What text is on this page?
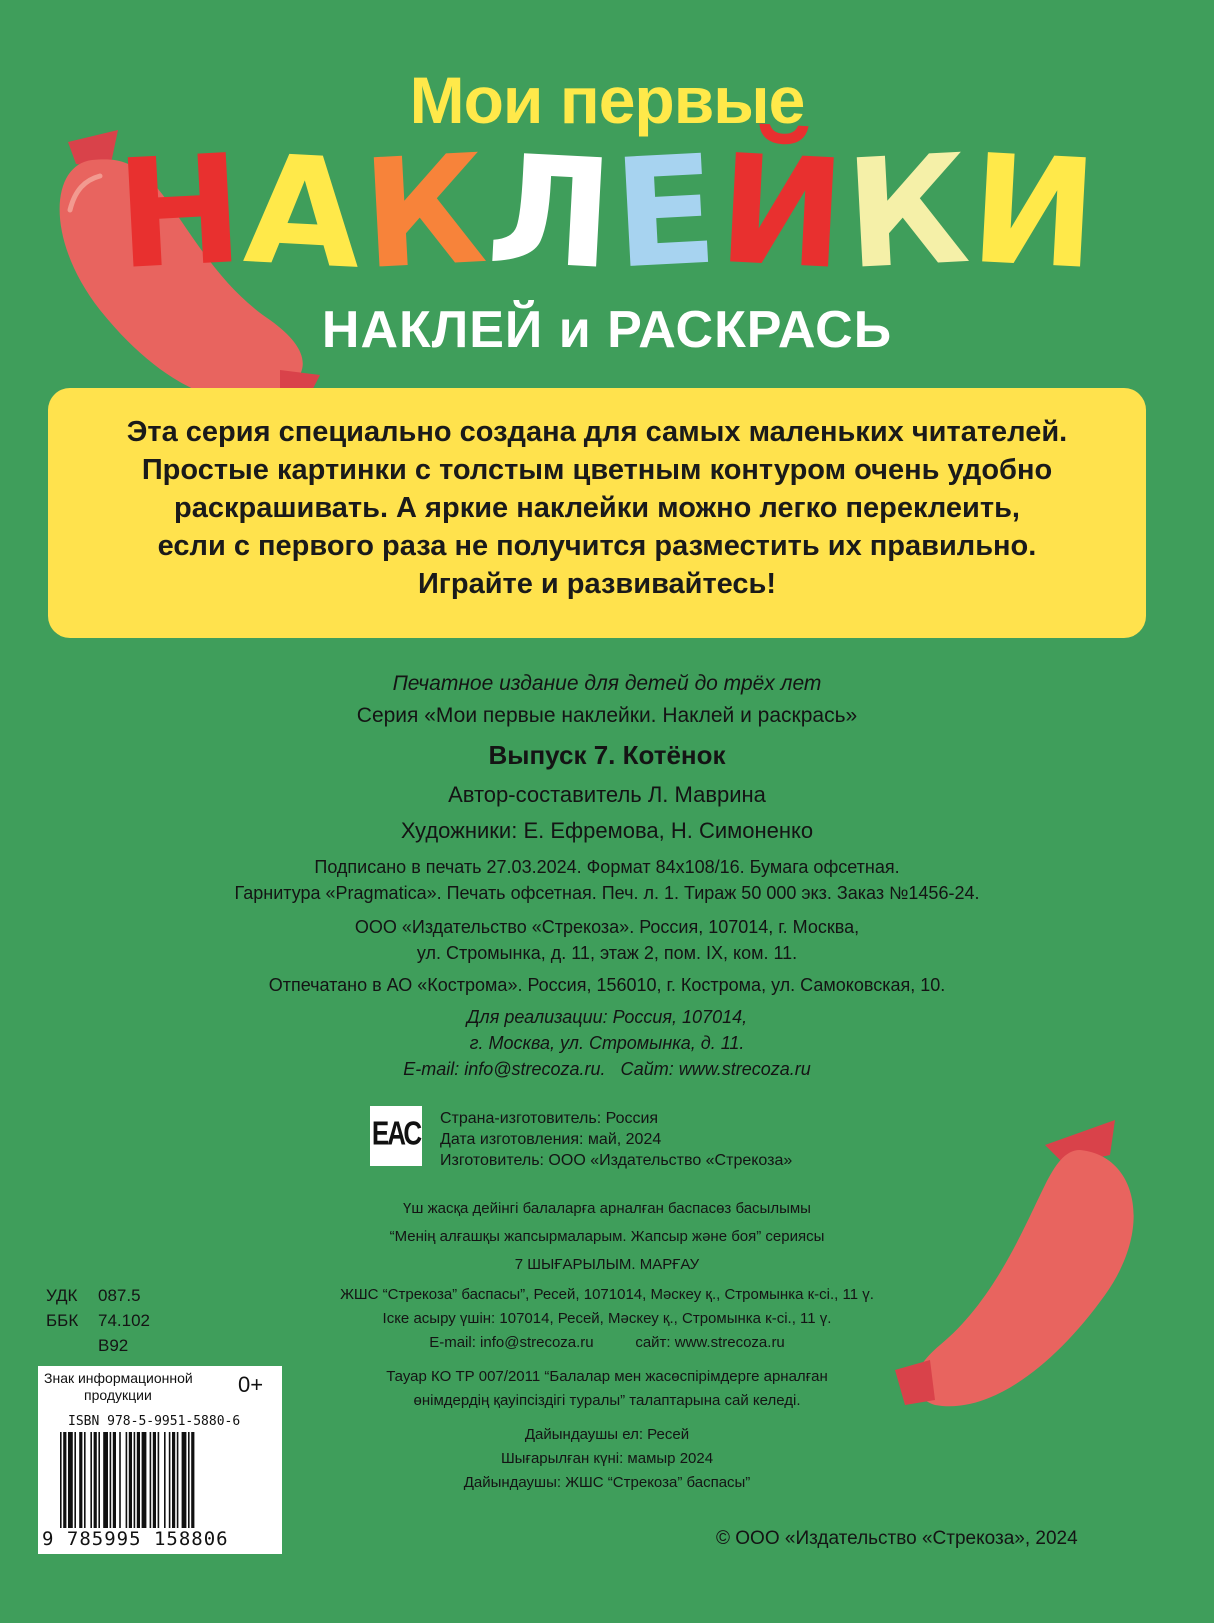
Мои первые
Н
А
К
Л
Е
Й
К
И
НАКЛЕЙ и РАСКРАСЬ
Эта серия специально создана для самых маленьких читателей.
Простые картинки с толстым цветным контуром очень удобно
раскрашивать. А яркие наклейки можно легко переклеить,
если с первого раза не получится разместить их правильно.
Играйте и развивайтесь!
Печатное издание для детей до трёх лет
Серия «Мои первые наклейки. Наклей и раскрась»
Выпуск 7. Котёнок
Автор-составитель Л. Маврина
Художники: Е. Ефремова, Н. Симоненко
Подписано в печать 27.03.2024. Формат 84х108/16. Бумага офсетная.
Гарнитура «Pragmatica». Печать офсетная. Печ. л. 1. Тираж 50 000 экз. Заказ №1456-24.
ООО «Издательство «Стрекоза». Россия, 107014, г. Москва,
ул. Стромынка, д. 11, этаж 2, пом. IX, ком. 11.
Отпечатано в АО «Кострома». Россия, 156010, г. Кострома, ул. Самоковская, 10.
Для реализации: Россия, 107014,
г. Москва, ул. Стромынка, д. 11.
E-mail: info@strecoza.ru.   Сайт: www.strecoza.ru
ЕАС Страна-изготовитель: Россия
Дата изготовления: май, 2024
Изготовитель: ООО «Издательство «Стрекоза»
Үш жасқа дейінгі балаларға арналған баспасөз басылымы
“Менің алғашқы жапсырмаларым. Жапсыр және боя” сериясы
7 ШЫҒАРЫЛЫМ. МАРҒАУ
ЖШС “Стрекоза” баспасы”, Ресей, 1071014, Мәскеу қ., Стромынка к-сі., 11 ү.
Іске асыру үшін: 107014, Ресей, Мәскеу қ., Стромынка к-сі., 11 ү.
E-mail: info@strecoza.ru          сайт: www.strecoza.ru
Тауар КО ТР 007/2011 “Балалар мен жасөспірімдерге арналған
өнімдердің қауіпсіздігі туралы” талаптарына сай келеді.
Дайындаушы ел: Ресей
Шығарылған күні: мамыр 2024
Дайындаушы: ЖШС “Стрекоза” баспасы”
УДК 087.5
ББК 74.102
В92
Знак информационной
продукции	0+
ISBN 978-5-9951-5880-6
9 785995 158806	© ООО «Издательство «Стрекоза», 2024
